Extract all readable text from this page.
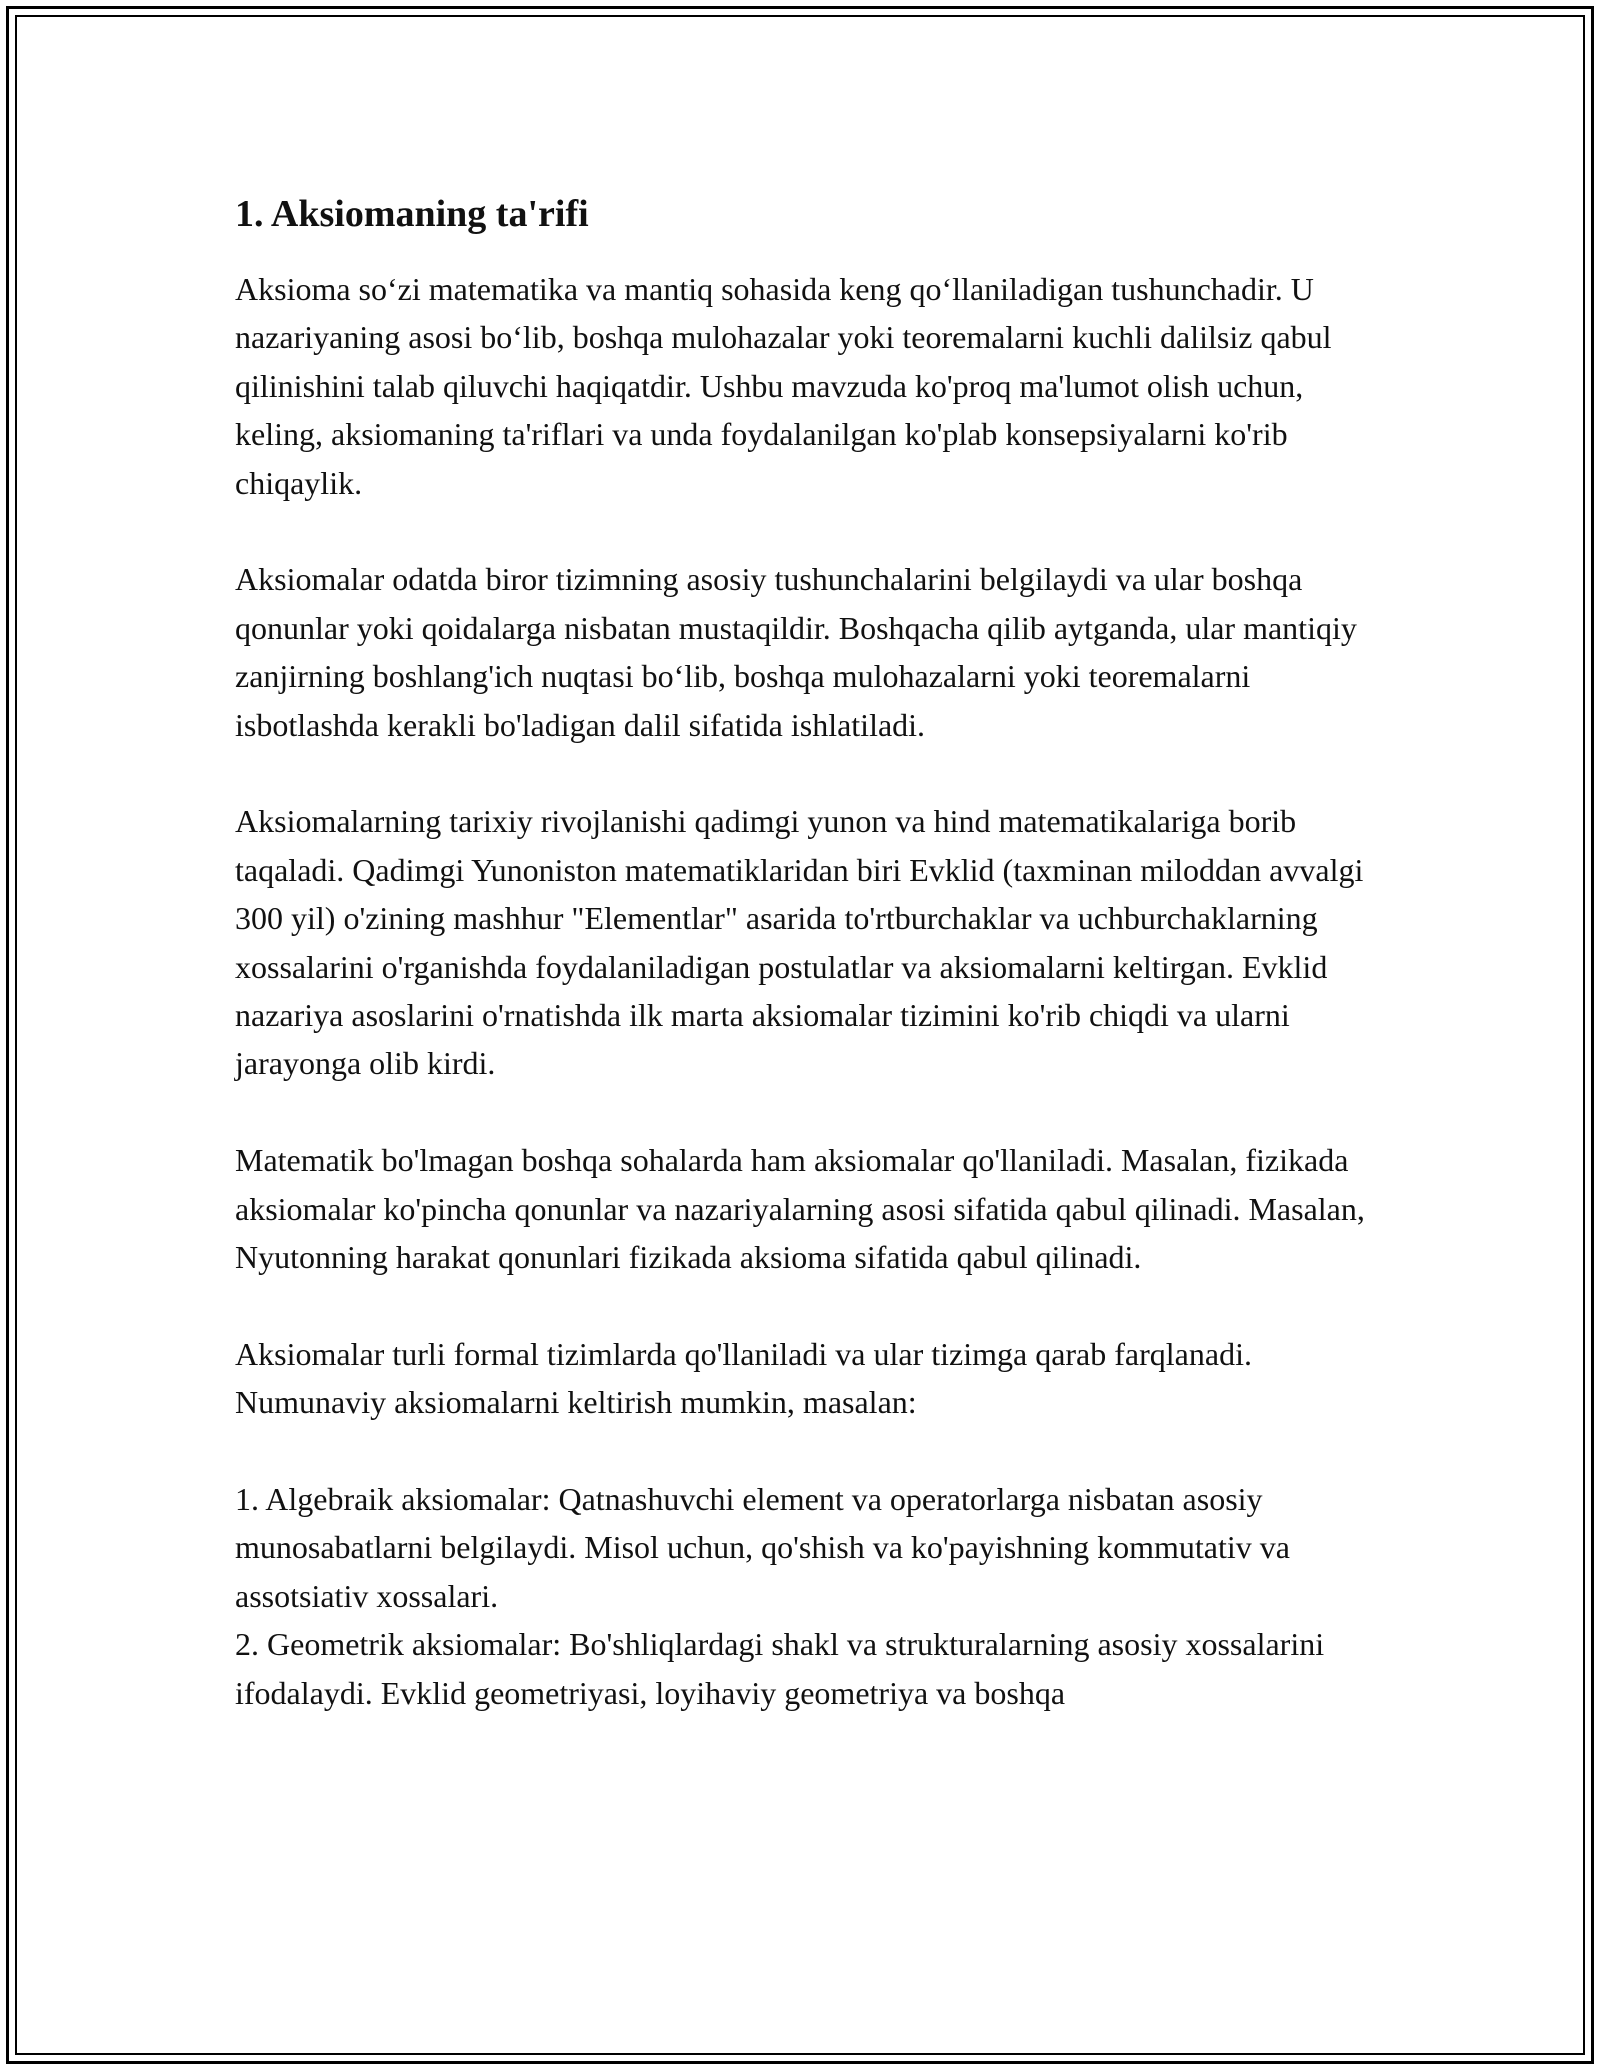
1. Aksiomaning ta'rifi

Aksioma so‘zi matematika va mantiq sohasida keng qo‘llaniladigan tushunchadir. U nazariyaning asosi bo‘lib, boshqa mulohazalar yoki teoremalarni kuchli dalilsiz qabul qilinishini talab qiluvchi haqiqatdir. Ushbu mavzuda ko'proq ma'lumot olish uchun, keling, aksiomaning ta'riflari va unda foydalanilgan ko'plab konsepsiyalarni ko'rib chiqaylik.

Aksiomalar odatda biror tizimning asosiy tushunchalarini belgilaydi va ular boshqa qonunlar yoki qoidalarga nisbatan mustaqildir. Boshqacha qilib aytganda, ular mantiqiy zanjirning boshlang'ich nuqtasi bo‘lib, boshqa mulohazalarni yoki teoremalarni isbotlashda kerakli bo'ladigan dalil sifatida ishlatiladi.

Aksiomalarning tarixiy rivojlanishi qadimgi yunon va hind matematikalariga borib taqaladi. Qadimgi Yunoniston matematiklaridan biri Evklid (taxminan miloddan avvalgi 300 yil) o'zining mashhur "Elementlar" asarida to'rtburchaklar va uchburchaklarning xossalarini o'rganishda foydalaniladigan postulatlar va aksiomalarni keltirgan. Evklid nazariya asoslarini o'rnatishda ilk marta aksiomalar tizimini ko'rib chiqdi va ularni jarayonga olib kirdi.

Matematik bo'lmagan boshqa sohalarda ham aksiomalar qo'llaniladi. Masalan, fizikada aksiomalar ko'pincha qonunlar va nazariyalarning asosi sifatida qabul qilinadi. Masalan, Nyutonning harakat qonunlari fizikada aksioma sifatida qabul qilinadi.

Aksiomalar turli formal tizimlarda qo'llaniladi va ular tizimga qarab farqlanadi. Numunaviy aksiomalarni keltirish mumkin, masalan:

1. Algebraik aksiomalar: Qatnashuvchi element va operatorlarga nisbatan asosiy munosabatlarni belgilaydi. Misol uchun, qo'shish va ko'payishning kommutativ va assotsiativ xossalari.

2. Geometrik aksiomalar: Bo'shliqlardagi shakl va strukturalarning asosiy xossalarini ifodalaydi. Evklid geometriyasi, loyihaviy geometriya va boshqa
